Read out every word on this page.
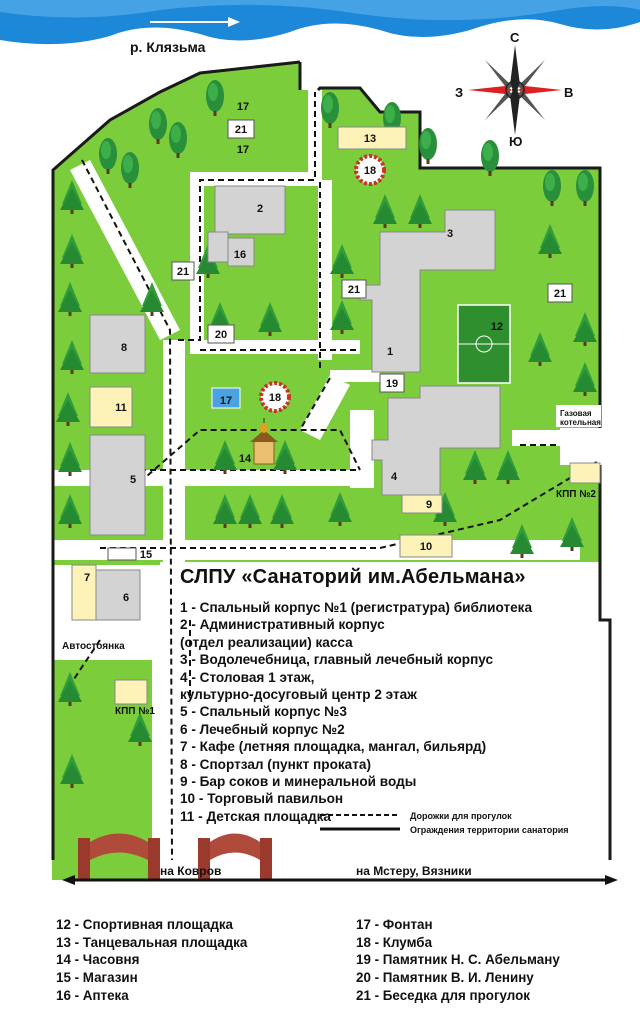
р. Клязьма
С
Ю
З	В
на Ковров	на Мстеру, Вязники
Дорожки для прогулок
Ограждения территории санатория
Автостоянка
КПП №1
КПП №2
Газовая котельная
2
16
3
1
12
13
18
17
21
17
21
21	21
20
19
8
11
17	18
14
4
9
10
5
15
7
6
СЛПУ «Санаторий им.Абельмана»
1 - Спальный корпус №1 (регистратура) библиотека
2 - Административный корпус
(отдел реализации) касса
3 - Водолечебница, главный лечебный корпус
4 - Столовая 1 этаж,
культурно-досуговый центр 2 этаж
5 - Спальный корпус №3
6 - Лечебный корпус №2
7 - Кафе (летняя площадка, мангал, бильярд)
8 - Спортзал (пункт проката)
9 - Бар соков и минеральной воды
10 - Торговый павильон
11 - Детская площадка
12 - Спортивная площадка
13 - Танцевальная площадка
14 - Часовня
15 - Магазин
16 - Аптека
17 - Фонтан
18 - Клумба
19 - Памятник Н. С. Абельману
20 - Памятник В. И. Ленину
21 - Беседка для прогулок
